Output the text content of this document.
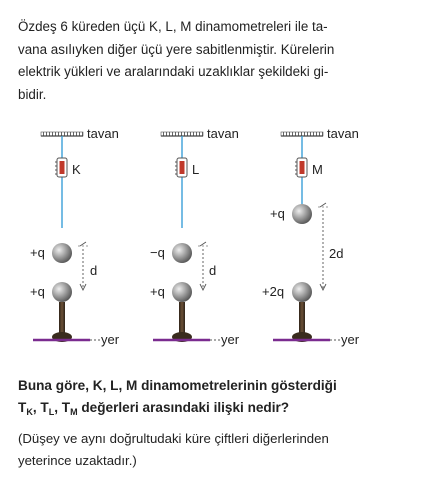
Özdeş 6 küreden üçü K, L, M dinamometreleri ile ta-
vana asılıyken diğer üçü yere sabitlenmiştir. Kürelerin
elektrik yükleri ve aralarındaki uzaklıklar şekildeki gi-
bidir.
tavan
K
+q
+q
d
yer
tavan
L
−q
+q
d
yer
tavan
M
+q
+2q
2d
yer
Buna göre, K, L, M dinamometrelerinin gösterdiği
$T_K$, $T_L$, $T_M$ değerleri arasındaki ilişki nedir?
(Düşey ve aynı doğrultudaki küre çiftleri diğerlerinden
yeterince uzaktadır.)
